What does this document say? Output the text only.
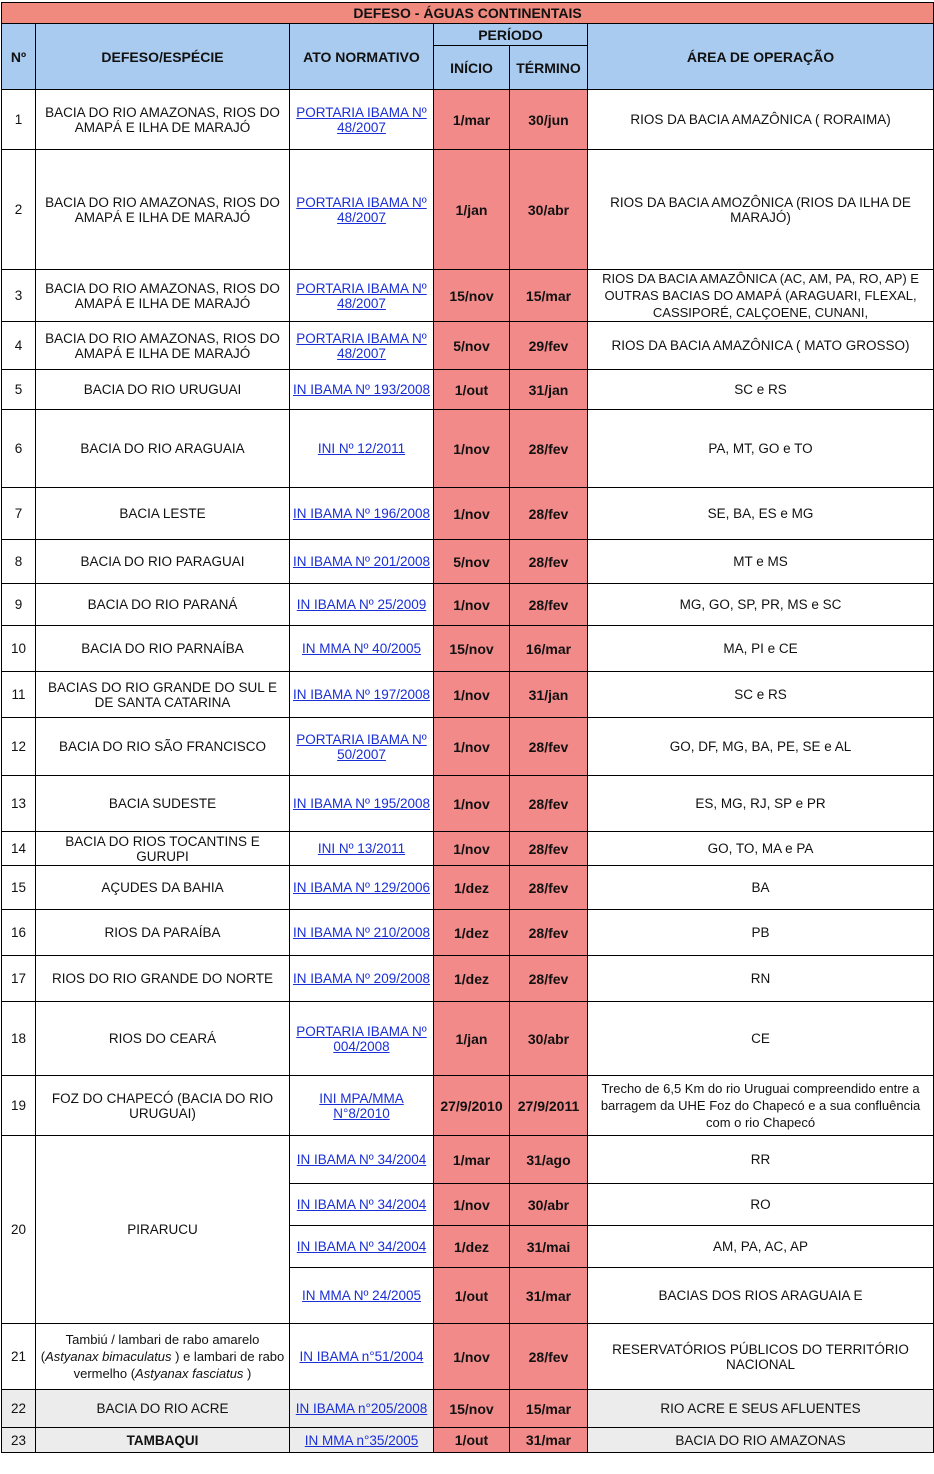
DEFESO - ÁGUAS CONTINENTAIS					
Nº	DEFESO/ESPÉCIE	ATO NORMATIVO	PERÍODO		ÁREA DE OPERAÇÃO
			INÍCIO	TÉRMINO	
1	BACIA DO RIO AMAZONAS, RIOS DO AMAPÁ E ILHA DE MARAJÓ	PORTARIA IBAMA Nº 48/2007	1/mar	30/jun	RIOS DA BACIA AMAZÔNICA ( RORAIMA)
2	BACIA DO RIO AMAZONAS, RIOS DO AMAPÁ E ILHA DE MARAJÓ	PORTARIA IBAMA Nº 48/2007	1/jan	30/abr	RIOS DA BACIA AMOZÔNICA (RIOS DA ILHA DE MARAJÓ)
3	BACIA DO RIO AMAZONAS, RIOS DO AMAPÁ E ILHA DE MARAJÓ	PORTARIA IBAMA Nº 48/2007	15/nov	15/mar	RIOS DA BACIA AMAZÔNICA (AC, AM, PA, RO, AP) E OUTRAS BACIAS DO AMAPÁ (ARAGUARI, FLEXAL, CASSIPORÉ, CALÇOENE, CUNANI,
4	BACIA DO RIO AMAZONAS, RIOS DO AMAPÁ E ILHA DE MARAJÓ	PORTARIA IBAMA Nº 48/2007	5/nov	29/fev	RIOS DA BACIA AMAZÔNICA ( MATO GROSSO)
5	BACIA DO RIO URUGUAI	IN IBAMA Nº 193/2008	1/out	31/jan	SC e RS
6	BACIA DO RIO ARAGUAIA	INI Nº 12/2011	1/nov	28/fev	PA, MT, GO e TO
7	BACIA LESTE	IN IBAMA Nº 196/2008	1/nov	28/fev	SE, BA, ES e MG
8	BACIA DO RIO PARAGUAI	IN IBAMA Nº 201/2008	5/nov	28/fev	MT e MS
9	BACIA DO RIO PARANÁ	IN IBAMA Nº 25/2009	1/nov	28/fev	MG, GO, SP, PR, MS e SC
10	BACIA DO RIO PARNAÍBA	IN MMA Nº 40/2005	15/nov	16/mar	MA, PI e CE
11	BACIAS DO RIO GRANDE DO SUL E DE SANTA CATARINA	IN IBAMA Nº 197/2008	1/nov	31/jan	SC e RS
12	BACIA DO RIO SÃO FRANCISCO	PORTARIA IBAMA Nº 50/2007	1/nov	28/fev	GO, DF, MG, BA, PE, SE e AL
13	BACIA SUDESTE	IN IBAMA Nº 195/2008	1/nov	28/fev	ES, MG, RJ, SP e PR
14	BACIA DO RIOS TOCANTINS E GURUPI	INI Nº 13/2011	1/nov	28/fev	GO, TO, MA e PA
15	AÇUDES DA BAHIA	IN IBAMA Nº 129/2006	1/dez	28/fev	BA
16	RIOS DA PARAÍBA	IN IBAMA Nº 210/2008	1/dez	28/fev	PB
17	RIOS DO RIO GRANDE DO NORTE	IN IBAMA Nº 209/2008	1/dez	28/fev	RN
18	RIOS DO CEARÁ	PORTARIA IBAMA Nº 004/2008	1/jan	30/abr	CE
19	FOZ DO CHAPECÓ (BACIA DO RIO URUGUAI)	INI MPA/MMA N°8/2010	27/9/2010	27/9/2011	Trecho de 6,5 Km do rio Uruguai compreendido entre a barragem da UHE Foz do Chapecó e a sua confluência com o rio Chapecó
20	PIRARUCU	IN IBAMA Nº 34/2004	1/mar	31/ago	RR
		IN IBAMA Nº 34/2004	1/nov	30/abr	RO
		IN IBAMA Nº 34/2004	1/dez	31/mai	AM, PA, AC, AP
		IN MMA Nº 24/2005	1/out	31/mar	BACIAS DOS RIOS ARAGUAIA E
21	Tambiú / lambari de rabo amarelo (Astyanax bimaculatus ) e lambari de rabo vermelho (Astyanax fasciatus )	IN IBAMA n°51/2004	1/nov	28/fev	RESERVATÓRIOS PÚBLICOS DO TERRITÓRIO NACIONAL
22	BACIA DO RIO ACRE	IN IBAMA n°205/2008	15/nov	15/mar	RIO ACRE E SEUS AFLUENTES
23	TAMBAQUI	IN MMA n°35/2005	1/out	31/mar	BACIA DO RIO AMAZONAS
